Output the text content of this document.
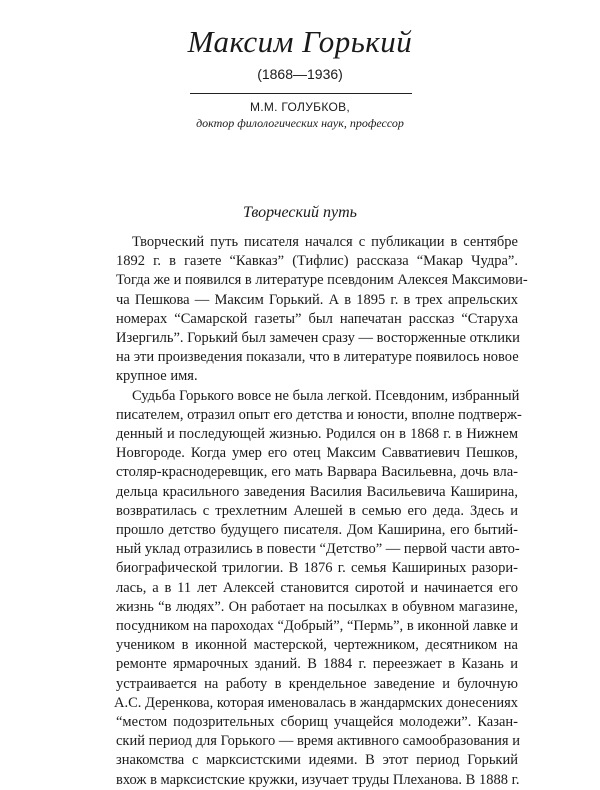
Максим Горький
(1868—1936)
М.М. ГОЛУБКОВ,
доктор филологических наук, профессор
Творческий путь
Творческий путь писателя начался с публикации в сентябре
1892 г. в газете “Кавказ” (Тифлис) рассказа “Макар Чудра”.
Тогда же и появился в литературе псевдоним Алексея Максимови-
ча Пешкова — Максим Горький. А в 1895 г. в трех апрельских
номерах “Самарской газеты” был напечатан рассказ “Старуха
Изергиль”. Горький был замечен сразу — восторженные отклики
на эти произведения показали, что в литературе появилось новое
крупное имя.
Судьба Горького вовсе не была легкой. Псевдоним, избранный
писателем, отразил опыт его детства и юности, вполне подтверж-
денный и последующей жизнью. Родился он в 1868 г. в Нижнем
Новгороде. Когда умер его отец Максим Савватиевич Пешков,
столяр-краснодеревщик, его мать Варвара Васильевна, дочь вла-
дельца красильного заведения Василия Васильевича Каширина,
возвратилась с трехлетним Алешей в семью его деда. Здесь и
прошло детство будущего писателя. Дом Каширина, его бытий-
ный уклад отразились в повести “Детство” — первой части авто-
биографической трилогии. В 1876 г. семья Кашириных разори-
лась, а в 11 лет Алексей становится сиротой и начинается его
жизнь “в людях”. Он работает на посылках в обувном магазине,
посудником на пароходах “Добрый”, “Пермь”, в иконной лавке и
учеником в иконной мастерской, чертежником, десятником на
ремонте ярмарочных зданий. В 1884 г. переезжает в Казань и
устраивается на работу в крендельное заведение и булочную
А.С. Деренкова, которая именовалась в жандармских донесениях
“местом подозрительных сборищ учащейся молодежи”. Казан-
ский период для Горького — время активного самообразования и
знакомства с марксистскими идеями. В этот период Горький
вхож в марксистские кружки, изучает труды Плеханова. В 1888 г.
